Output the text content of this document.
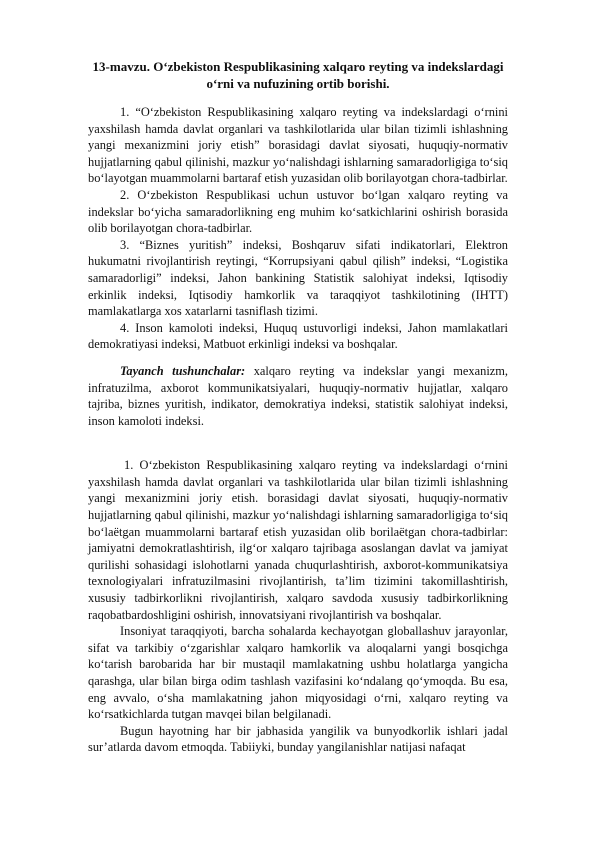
13-mavzu. O‘zbekiston Respublikasining xalqaro reyting va indekslardagi
o‘rni va nufuzining ortib borishi.

1. “O‘zbekiston Respublikasining xalqaro reyting va indekslardagi o‘rnini yaxshilash hamda davlat organlari va tashkilotlarida ular bilan tizimli ishlashning yangi mexanizmini joriy etish” borasidagi davlat siyosati, huquqiy-normativ hujjatlarning qabul qilinishi, mazkur yo‘nalishdagi ishlarning samaradorligiga to‘siq bo‘layotgan muammolarni bartaraf etish yuzasidan olib borilayotgan chora-tadbirlar.

2. O‘zbekiston Respublikasi uchun ustuvor bo‘lgan xalqaro reyting va indekslar bo‘yicha samaradorlikning eng muhim ko‘satkichlarini oshirish borasida olib borilayotgan chora-tadbirlar.

3. “Biznes yuritish” indeksi, Boshqaruv sifati indikatorlari, Elektron hukumatni rivojlantirish reytingi, “Korrupsiyani qabul qilish” indeksi, “Logistika samaradorligi” indeksi, Jahon bankining Statistik salohiyat indeksi, Iqtisodiy erkinlik indeksi, Iqtisodiy hamkorlik va taraqqiyot tashkilotining (IHTT) mamlakatlarga xos xatarlarni tasniflash tizimi.

4. Inson kamoloti indeksi, Huquq ustuvorligi indeksi, Jahon mamlakatlari demokratiyasi indeksi, Matbuot erkinligi indeksi va boshqalar.

Tayanch tushunchalar: xalqaro reyting va indekslar yangi mexanizm, infratuzilma, axborot kommunikatsiyalari, huquqiy-normativ hujjatlar, xalqaro tajriba, biznes yuritish, indikator, demokratiya indeksi, statistik salohiyat indeksi, inson kamoloti indeksi.

1. O‘zbekiston Respublikasining xalqaro reyting va indekslardagi o‘rnini yaxshilash hamda davlat organlari va tashkilotlarida ular bilan tizimli ishlashning yangi mexanizmini joriy etish. borasidagi davlat siyosati, huquqiy-normativ hujjatlarning qabul qilinishi, mazkur yo‘nalishdagi ishlarning samaradorligiga to‘siq bo‘laёtgan muammolarni bartaraf etish yuzasidan olib borilaёtgan chora-tadbirlar: jamiyatni demokratlashtirish, ilg‘or xalqaro tajribaga asoslangan davlat va jamiyat qurilishi sohasidagi islohotlarni yanada chuqurlashtirish, axborot-kommunikatsiya texnologiyalari infratuzilmasini rivojlantirish, ta’lim tizimini takomillashtirish, xususiy tadbirkorlikni rivojlantirish, xalqaro savdoda xususiy tadbirkorlikning raqobatbardoshligini oshirish, innovatsiyani rivojlantirish va boshqalar.

Insoniyat taraqqiyoti, barcha sohalarda kechayotgan globallashuv jarayonlar, sifat va tarkibiy o‘zgarishlar xalqaro hamkorlik va aloqalarni yangi bosqichga ko‘tarish barobarida har bir mustaqil mamlakatning ushbu holatlarga yangicha qarashga, ular bilan birga odim tashlash vazifasini ko‘ndalang qo‘ymoqda. Bu esa, eng avvalo, o‘sha mamlakatning jahon miqyosidagi o‘rni, xalqaro reyting va ko‘rsatkichlarda tutgan mavqei bilan belgilanadi.

Bugun hayotning har bir jabhasida yangilik va bunyodkorlik ishlari jadal sur’atlarda davom etmoqda. Tabiiyki, bunday yangilanishlar natijasi nafaqat
